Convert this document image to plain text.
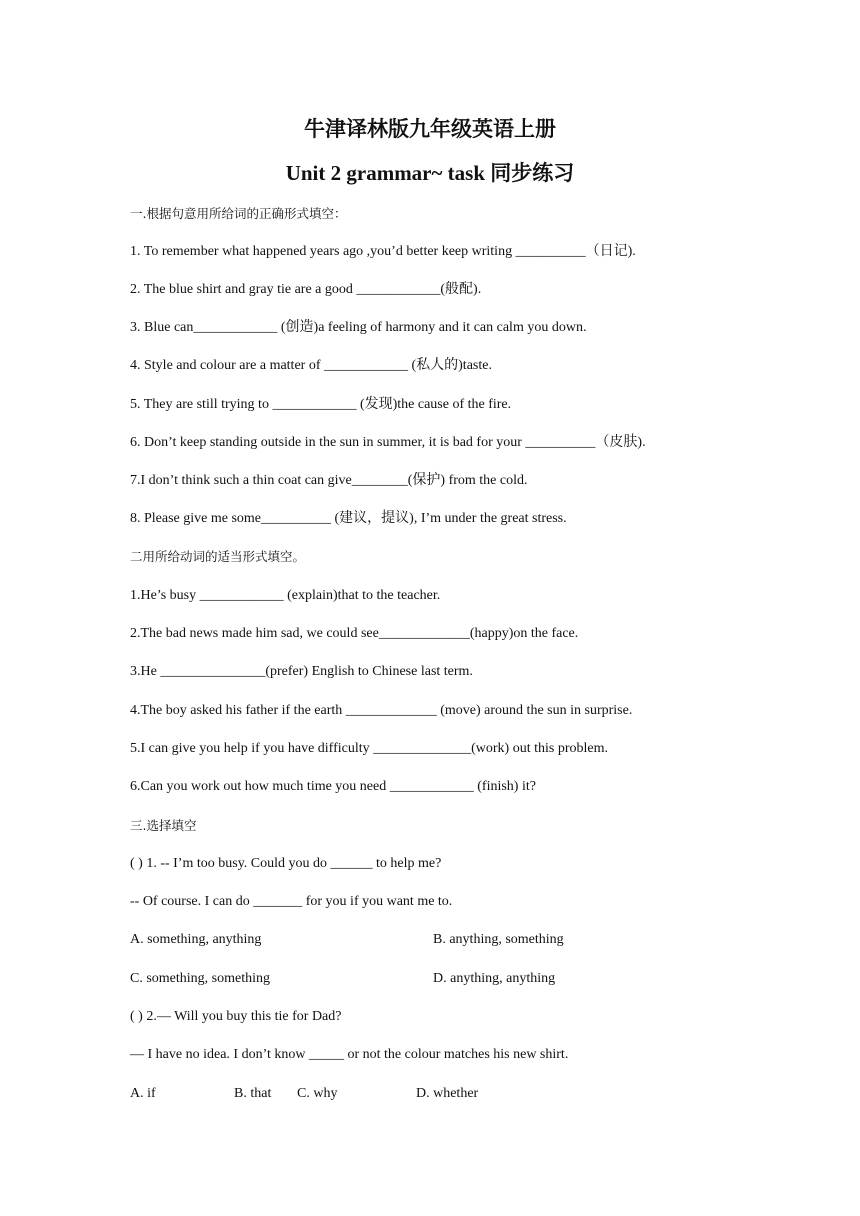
牛津译林版九年级英语上册
Unit 2 grammar~ task 同步练习
一.根据句意用所给词的正确形式填空：
1. To remember what happened years ago ,you’d better keep writing __________（日记).
2. The blue shirt and gray tie are a good ____________(般配).
3. Blue can____________ (创造)a feeling of harmony and it can calm you down.
4. Style and colour are a matter of ____________ (私人的)taste.
5. They are still trying to ____________ (发现)the cause of the fire.
6. Don’t keep standing outside in the sun in summer, it is bad for your __________（皮肤).
7.I don’t think such a thin coat can give________(保护) from the cold.
8. Please give me some__________ (建议，提议), I’m under the great stress.
二用所给动词的适当形式填空。
1.He’s busy ____________ (explain)that to the teacher.
2.The bad news made him sad, we could see_____________(happy)on the face.
3.He _______________(prefer) English to Chinese last term.
4.The boy asked his father if the earth _____________ (move) around the sun in surprise.
5.I can give you help if you have difficulty ______________(work) out this problem.
6.Can you work out how much time you need ____________ (finish) it?
三.选择填空
( ) 1. -- I’m too busy. Could you do ______ to help me?
-- Of course. I can do _______ for you if you want me to.
A. something, anything	B. anything, something
C. something, something	D. anything, anything
( ) 2.— Will you buy this tie for Dad?
— I have no idea. I don’t know _____ or not the colour matches his new shirt.
A. if	B. that C. why	D. whether
